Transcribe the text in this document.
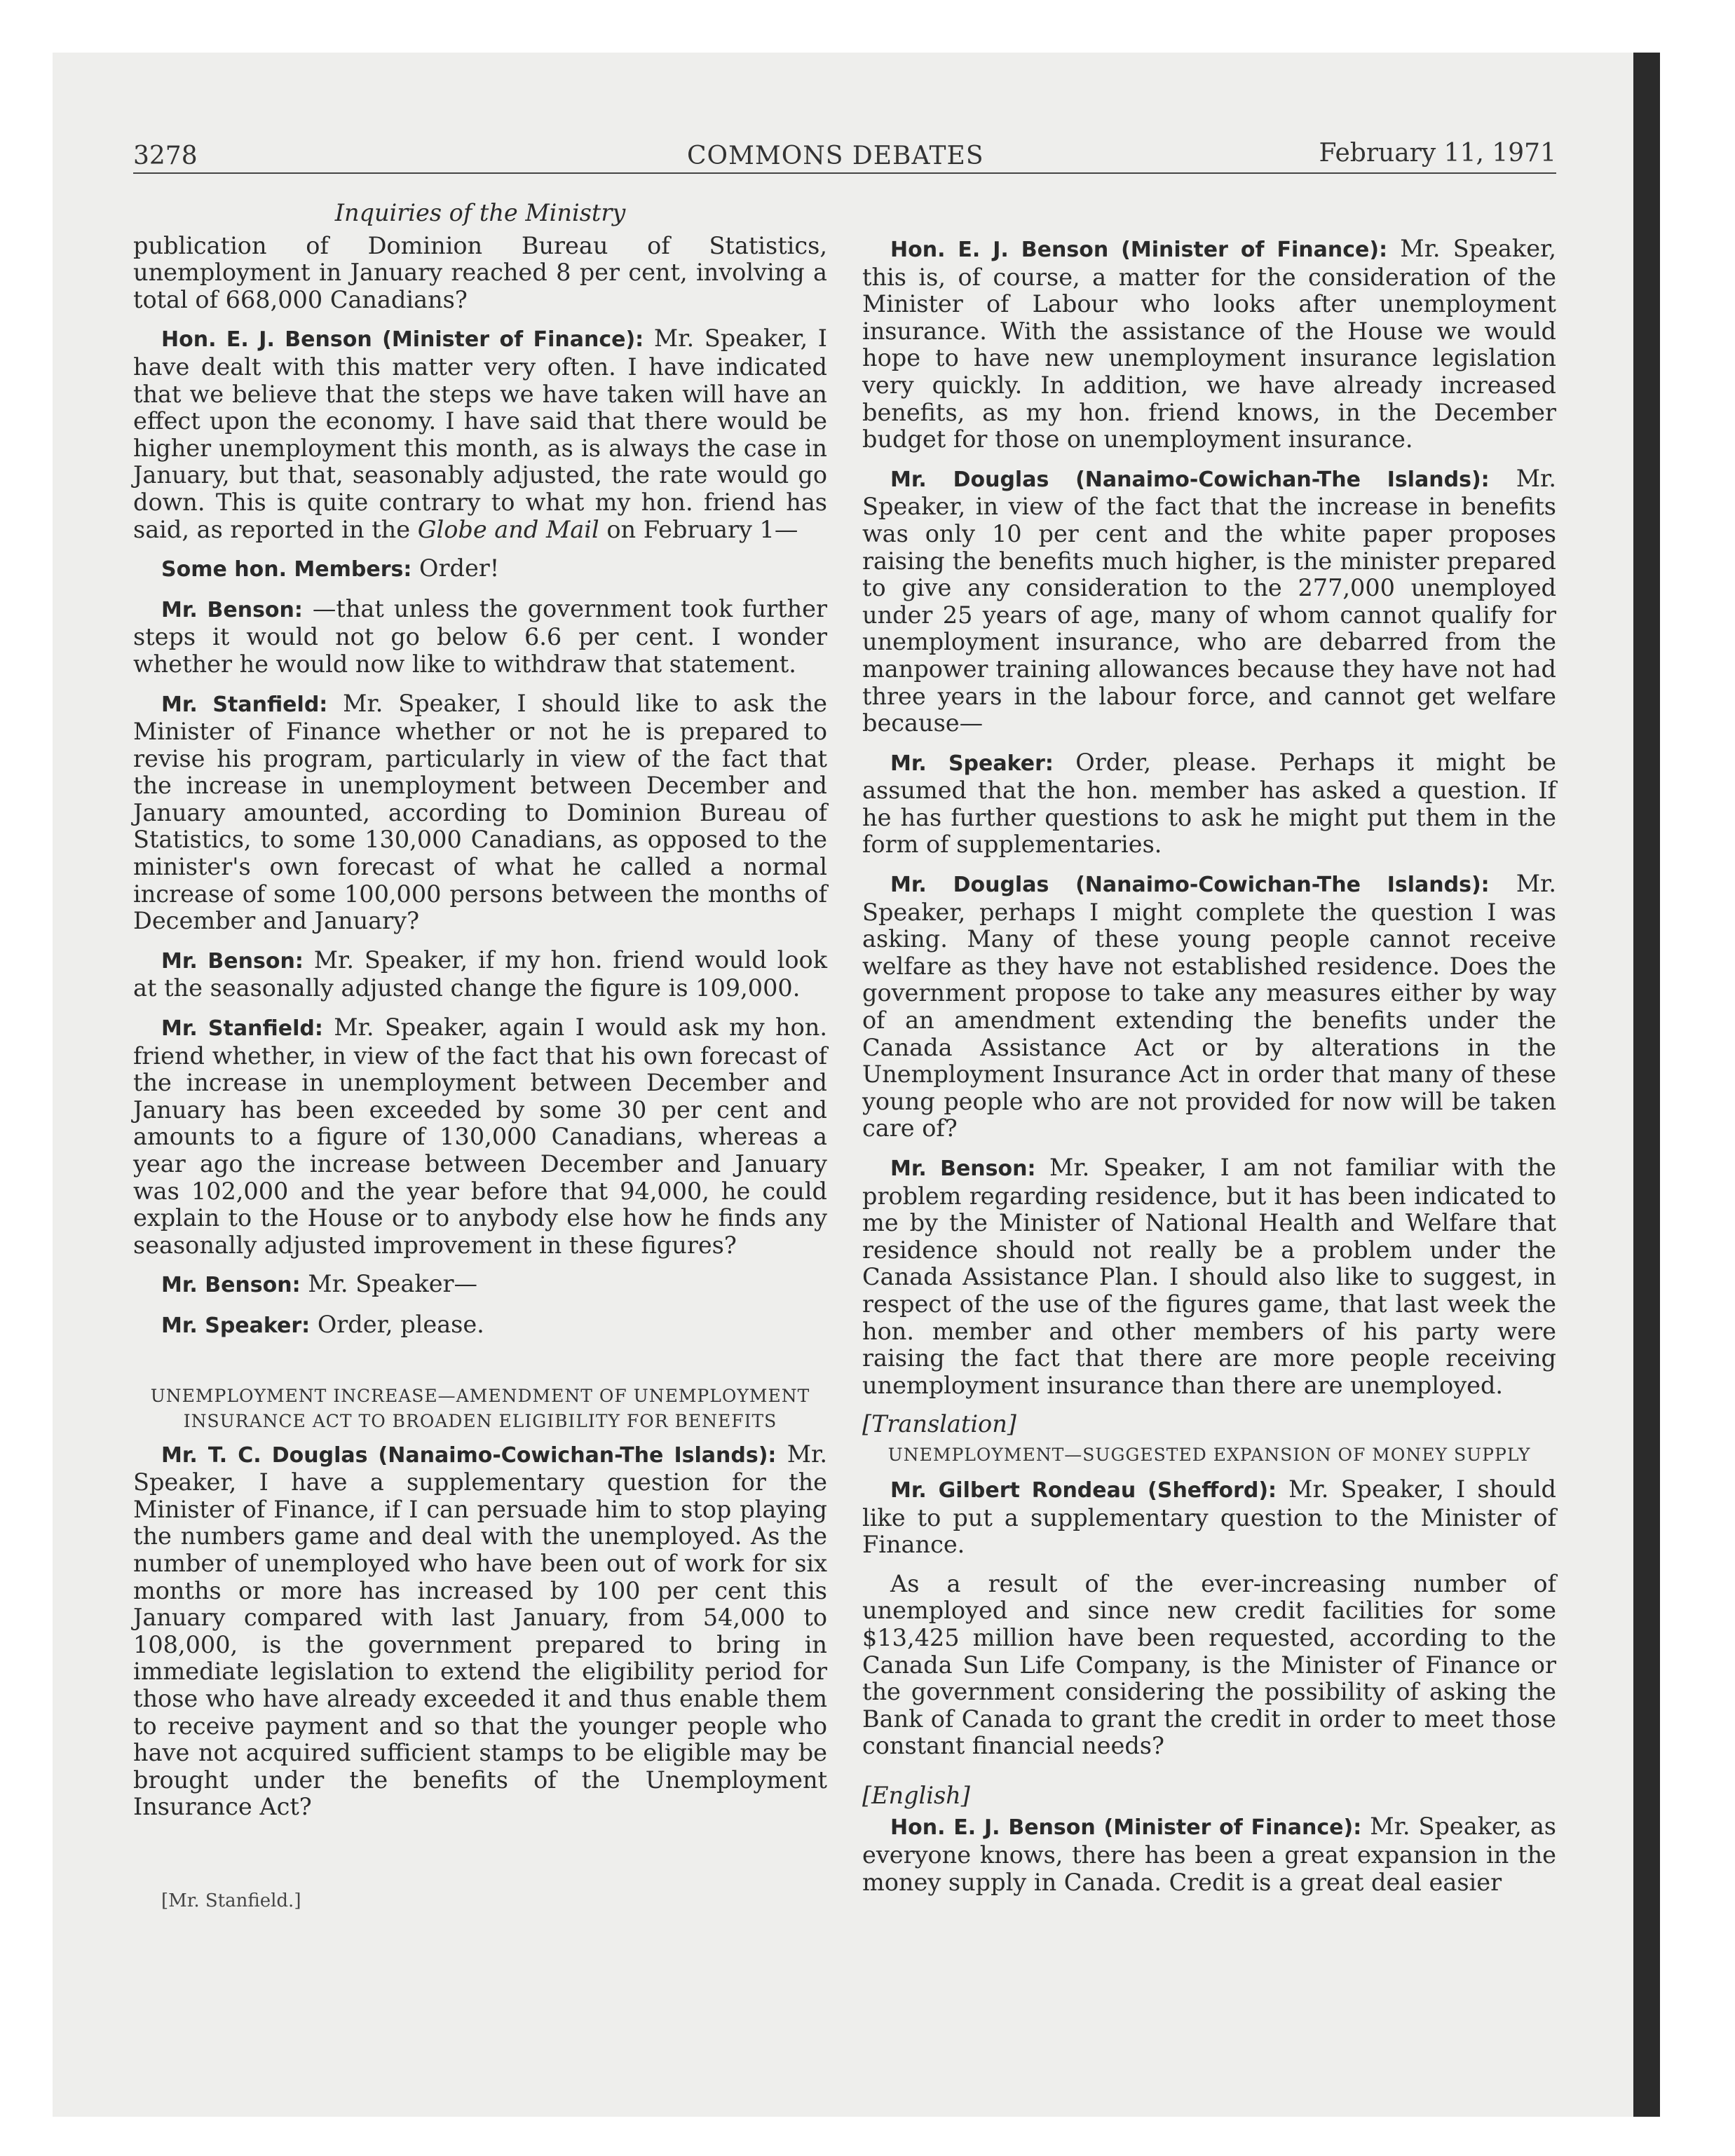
3278	COMMONS DEBATES	February 11, 1971
Inquiries of the Ministry

publication of Dominion Bureau of Statistics, unemployment in January reached 8 per cent, involving a total of 668,000 Canadians?

Hon. E. J. Benson (Minister of Finance): Mr. Speaker, I have dealt with this matter very often. I have indicated that we believe that the steps we have taken will have an effect upon the economy. I have said that there would be higher unemployment this month, as is always the case in January, but that, seasonably adjusted, the rate would go down. This is quite contrary to what my hon. friend has said, as reported in the Globe and Mail on February 1—

Some hon. Members: Order!

Mr. Benson: —that unless the government took further steps it would not go below 6.6 per cent. I wonder whether he would now like to withdraw that statement.

Mr. Stanfield: Mr. Speaker, I should like to ask the Minister of Finance whether or not he is prepared to revise his program, particularly in view of the fact that the increase in unemployment between December and January amounted, according to Dominion Bureau of Statistics, to some 130,000 Canadians, as opposed to the minister's own forecast of what he called a normal increase of some 100,000 persons between the months of December and January?

Mr. Benson: Mr. Speaker, if my hon. friend would look at the seasonally adjusted change the figure is 109,000.

Mr. Stanfield: Mr. Speaker, again I would ask my hon. friend whether, in view of the fact that his own forecast of the increase in unemployment between December and January has been exceeded by some 30 per cent and amounts to a figure of 130,000 Canadians, whereas a year ago the increase between December and January was 102,000 and the year before that 94,000, he could explain to the House or to anybody else how he finds any seasonally adjusted improvement in these figures?

Mr. Benson: Mr. Speaker—

Mr. Speaker: Order, please.

UNEMPLOYMENT INCREASE—AMENDMENT OF UNEMPLOYMENT INSURANCE ACT TO BROADEN ELIGIBILITY FOR BENEFITS

Mr. T. C. Douglas (Nanaimo-Cowichan-The Islands): Mr. Speaker, I have a supplementary question for the Minister of Finance, if I can persuade him to stop playing the numbers game and deal with the unemployed. As the number of unemployed who have been out of work for six months or more has increased by 100 per cent this January compared with last January, from 54,000 to 108,000, is the government prepared to bring in immediate legislation to extend the eligibility period for those who have already exceeded it and thus enable them to receive payment and so that the younger people who have not acquired sufficient stamps to be eligible may be brought under the benefits of the Unemployment Insurance Act?

[Mr. Stanfield.]

Hon. E. J. Benson (Minister of Finance): Mr. Speaker, this is, of course, a matter for the consideration of the Minister of Labour who looks after unemployment insurance. With the assistance of the House we would hope to have new unemployment insurance legislation very quickly. In addition, we have already increased benefits, as my hon. friend knows, in the December budget for those on unemployment insurance.

Mr. Douglas (Nanaimo-Cowichan-The Islands): Mr. Speaker, in view of the fact that the increase in benefits was only 10 per cent and the white paper proposes raising the benefits much higher, is the minister prepared to give any consideration to the 277,000 unemployed under 25 years of age, many of whom cannot qualify for unemployment insurance, who are debarred from the manpower training allowances because they have not had three years in the labour force, and cannot get welfare because—

Mr. Speaker: Order, please. Perhaps it might be assumed that the hon. member has asked a question. If he has further questions to ask he might put them in the form of supplementaries.

Mr. Douglas (Nanaimo-Cowichan-The Islands): Mr. Speaker, perhaps I might complete the question I was asking. Many of these young people cannot receive welfare as they have not established residence. Does the government propose to take any measures either by way of an amendment extending the benefits under the Canada Assistance Act or by alterations in the Unemployment Insurance Act in order that many of these young people who are not provided for now will be taken care of?

Mr. Benson: Mr. Speaker, I am not familiar with the problem regarding residence, but it has been indicated to me by the Minister of National Health and Welfare that residence should not really be a problem under the Canada Assistance Plan. I should also like to suggest, in respect of the use of the figures game, that last week the hon. member and other members of his party were raising the fact that there are more people receiving unemployment insurance than there are unemployed.

[Translation]
UNEMPLOYMENT—SUGGESTED EXPANSION OF MONEY SUPPLY

Mr. Gilbert Rondeau (Shefford): Mr. Speaker, I should like to put a supplementary question to the Minister of Finance.

As a result of the ever-increasing number of unemployed and since new credit facilities for some $13,425 million have been requested, according to the Canada Sun Life Company, is the Minister of Finance or the government considering the possibility of asking the Bank of Canada to grant the credit in order to meet those constant financial needs?

[English]

Hon. E. J. Benson (Minister of Finance): Mr. Speaker, as everyone knows, there has been a great expansion in the money supply in Canada. Credit is a great deal easier
